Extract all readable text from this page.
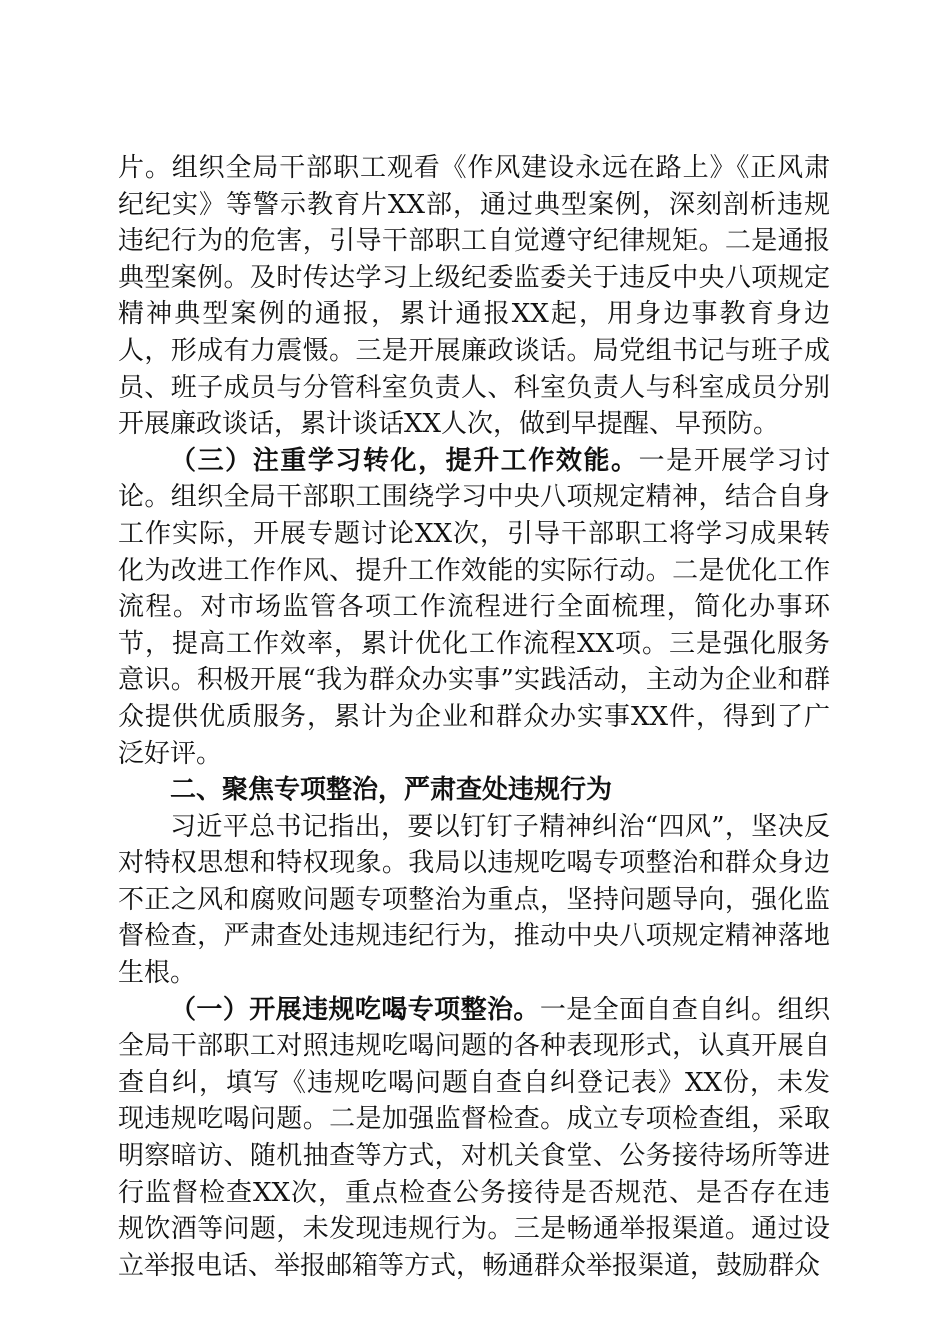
片。组织全局干部职工观看《作风建设永远在路上》《正风肃纪纪实》等警示教育片XX部，通过典型案例，深刻剖析违规违纪行为的危害，引导干部职工自觉遵守纪律规矩。二是通报典型案例。及时传达学习上级纪委监委关于违反中央八项规定精神典型案例的通报，累计通报XX起，用身边事教育身边人，形成有力震慑。三是开展廉政谈话。局党组书记与班子成员、班子成员与分管科室负责人、科室负责人与科室成员分别开展廉政谈话，累计谈话XX人次，做到早提醒、早预防。

（三）注重学习转化，提升工作效能。一是开展学习讨论。组织全局干部职工围绕学习中央八项规定精神，结合自身工作实际，开展专题讨论XX次，引导干部职工将学习成果转化为改进工作作风、提升工作效能的实际行动。二是优化工作流程。对市场监管各项工作流程进行全面梳理，简化办事环节，提高工作效率，累计优化工作流程XX项。三是强化服务意识。积极开展“我为群众办实事”实践活动，主动为企业和群众提供优质服务，累计为企业和群众办实事XX件，得到了广泛好评。

二、聚焦专项整治，严肃查处违规行为

习近平总书记指出，要以钉钉子精神纠治“四风”，坚决反对特权思想和特权现象。我局以违规吃喝专项整治和群众身边不正之风和腐败问题专项整治为重点，坚持问题导向，强化监督检查，严肃查处违规违纪行为，推动中央八项规定精神落地生根。

（一）开展违规吃喝专项整治。一是全面自查自纠。组织全局干部职工对照违规吃喝问题的各种表现形式，认真开展自查自纠，填写《违规吃喝问题自查自纠登记表》XX份，未发现违规吃喝问题。二是加强监督检查。成立专项检查组，采取明察暗访、随机抽查等方式，对机关食堂、公务接待场所等进行监督检查XX次，重点检查公务接待是否规范、是否存在违规饮酒等问题，未发现违规行为。三是畅通举报渠道。通过设立举报电话、举报邮箱等方式，畅通群众举报渠道，鼓励群众
